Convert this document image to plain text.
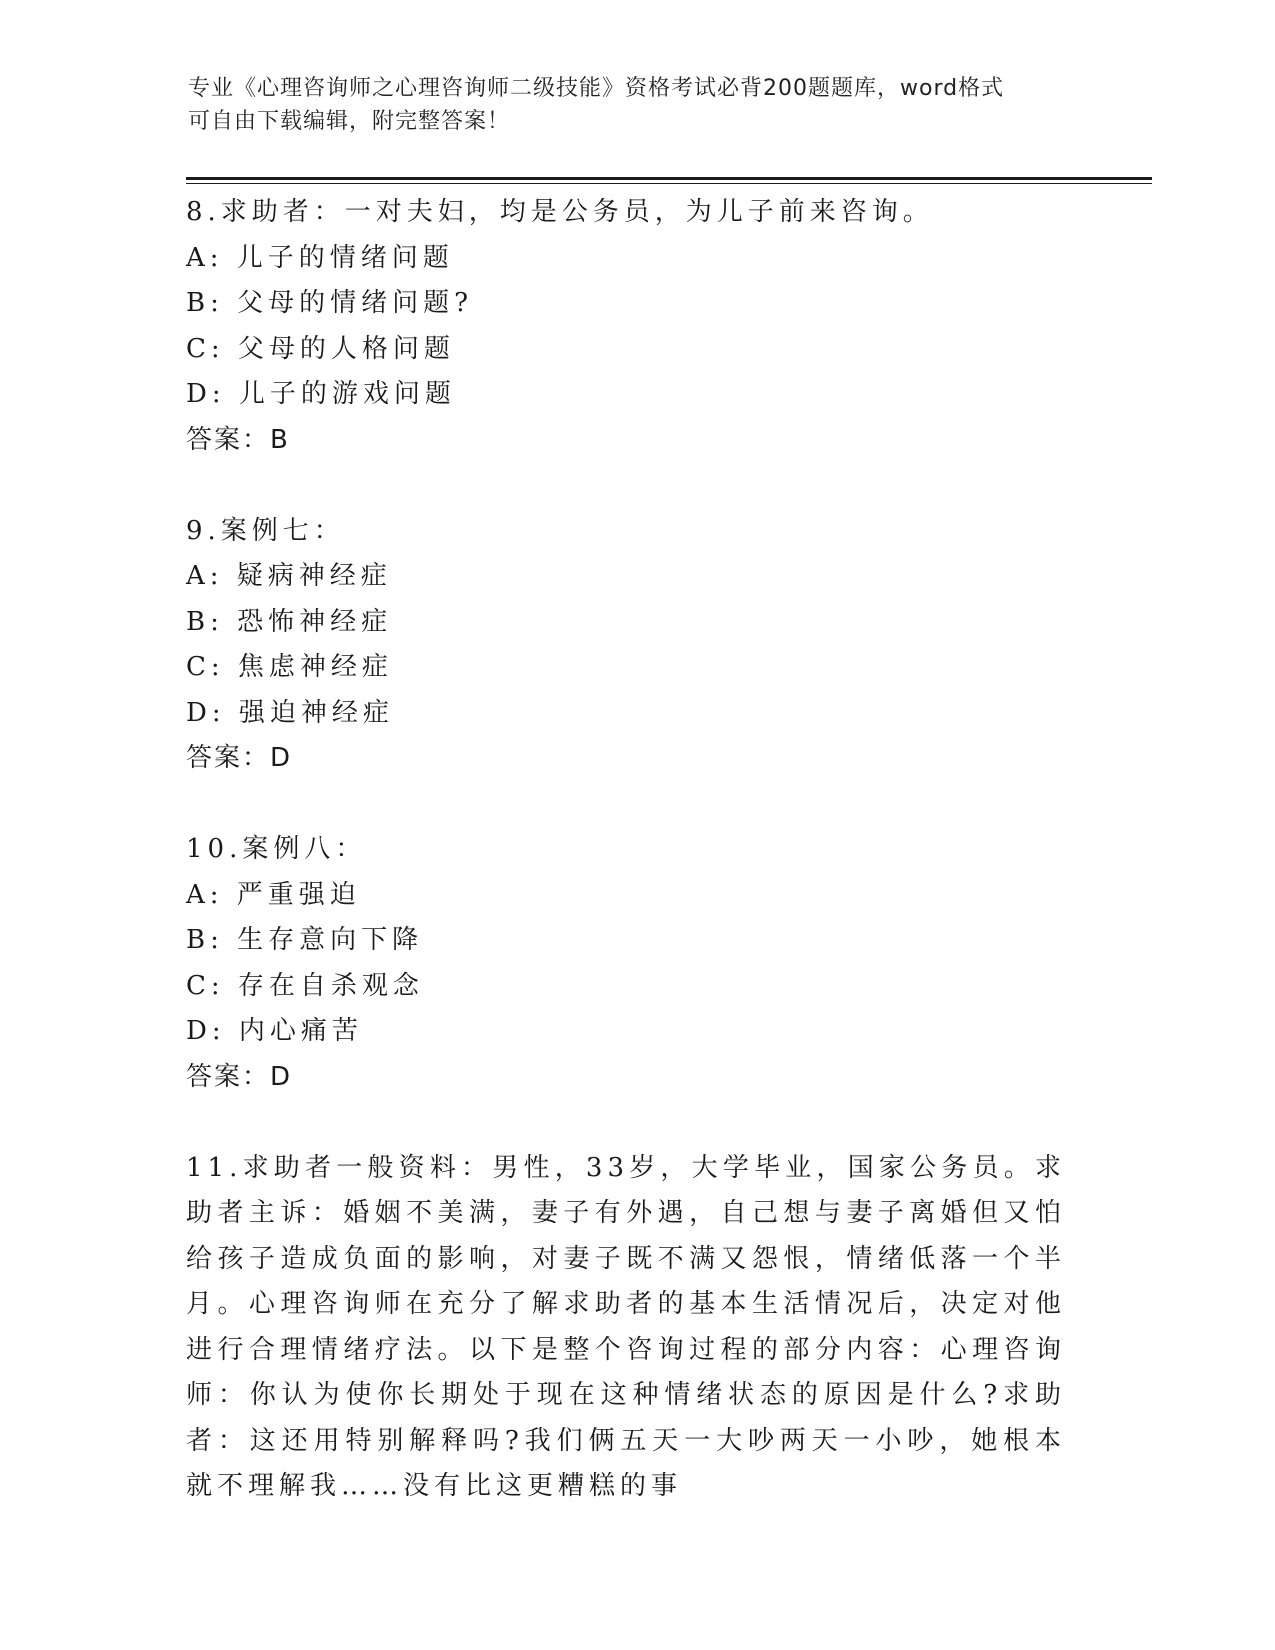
专业《心理咨询师之心理咨询师二级技能》资格考试必背200题题库，word格式

可自由下载编辑，附完整答案！

8.求助者：一对夫妇，均是公务员，为儿子前来咨询。
A: 儿子的情绪问题
B: 父母的情绪问题?
C: 父母的人格问题
D: 儿子的游戏问题
答案：B
9.案例七：
A: 疑病神经症
B: 恐怖神经症
C: 焦虑神经症
D: 强迫神经症
答案：D
10.案例八：
A: 严重强迫
B: 生存意向下降
C: 存在自杀观念
D: 内心痛苦
答案：D
11.求助者一般资料：男性，33岁，大学毕业，国家公务员。求助者主诉：婚姻不美满，妻子有外遇，自己想与妻子离婚但又怕给孩子造成负面的影响，对妻子既不满又怨恨，情绪低落一个半月。心理咨询师在充分了解求助者的基本生活情况后，决定对他进行合理情绪疗法。以下是整个咨询过程的部分内容：心理咨询师：你认为使你长期处于现在这种情绪状态的原因是什么?求助者：这还用特别解释吗?我们俩五天一大吵两天一小吵，她根本就不理解我……没有比这更糟糕的事
